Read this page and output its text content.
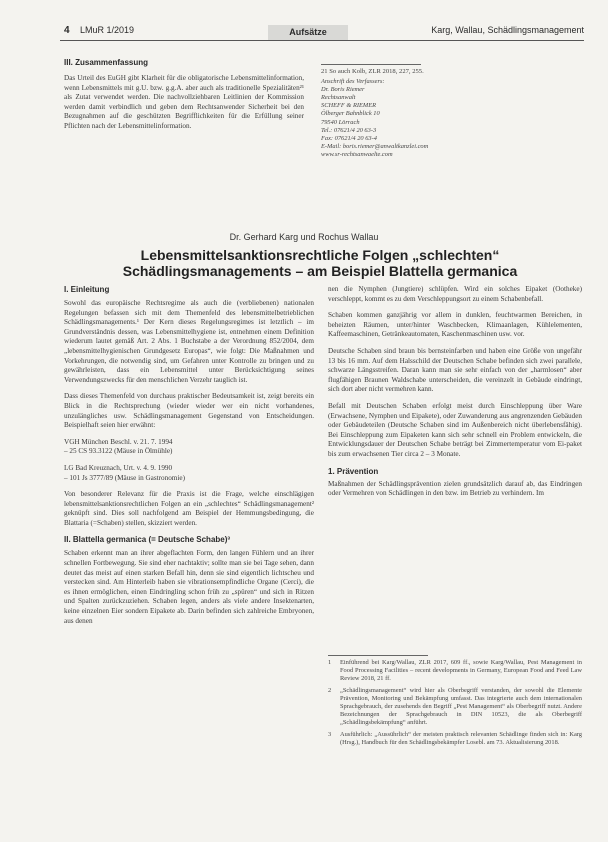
4 LMuR 1/2019	Aufsätze	Karg, Wallau, Schädlingsmanagement
III. Zusammenfassung
Das Urteil des EuGH gibt Klarheit für die obligatorische Lebensmittelinformation, wenn Lebensmittels mit g.U. bzw. g.g.A. aber auch als traditionelle Spezialitäten²¹ als Zutat verwendet werden. Die nachvollziehbaren Leitlinien der Kommission werden damit verbindlich und geben dem Rechtsanwender Sicherheit bei den Bezugnahmen auf die geschützten Begrifflichkeiten für die Erfüllung seiner Pflichten nach der Lebensmittelinformation.
21 So auch Kolb, ZLR 2018, 227, 255.
Anschrift des Verfassers:
Dr. Boris Riemer
Rechtsanwalt
SCHEFF & RIEMER
Ölberger Bahnblick 10
79540 Lörrach
Tel.: 07621/4 20 63-3
Fax: 07621/4 20 63-4
E-Mail: boris.riemer@anwaltkanzlei.com
www.sr-rechtsanwaelte.com
Dr. Gerhard Karg und Rochus Wallau
Lebensmittelsanktionsrechtliche Folgen „schlechten“
Schädlingsmanagements – am Beispiel Blattella germanica
I. Einleitung
Sowohl das europäische Rechtsregime als auch die (verbliebenen) nationalen Regelungen befassen sich mit dem Themenfeld des lebensmittelbetrieblichen Schädlingsmanagements.¹ Der Kern dieses Regelungsregimes ist letztlich – im Grundverständnis dessen, was Lebensmittelhygiene ist, entnehmen einem Definition wiederum lautet gemäß Art. 2 Abs. 1 Buchstabe a der Verordnung 852/2004, dem „lebensmittelhygienischen Grundgesetz Europas“, wie folgt: Die Maßnahmen und Vorkehrungen, die notwendig sind, um Gefahren unter Kontrolle zu bringen und zu gewährleisten, dass ein Lebensmittel unter Berücksichtigung seines Verwendungszwecks für den menschlichen Verzehr tauglich ist.
Dass dieses Themenfeld von durchaus praktischer Bedeutsamkeit ist, zeigt bereits ein Blick in die Rechtsprechung (wieder wieder wer ein nicht vorhandenes, unzulängliches usw. Schädlingsmanagement Gegenstand von Entscheidungen. Beispielhaft seien hier erwähnt:
VGH München Beschl. v. 21. 7. 1994
– 25 CS 93.3122 (Mäuse in Ölmühle)
LG Bad Kreuznach, Urt. v. 4. 9. 1990
– 101 Js 3777/89 (Mäuse in Gastronomie)
Von besonderer Relevanz für die Praxis ist die Frage, welche einschlägigen lebensmittelsanktionsrechtlichen Folgen an ein „schlechtes“ Schädlingsmanagement² geknüpft sind. Dies soll nachfolgend am Beispiel der Hemmungsbedingung, die Blattaria (=Schaben) stellen, skizziert werden.
II. Blattella germanica (= Deutsche Schabe)³
Schaben erkennt man an ihrer abgeflachten Form, den langen Fühlern und an ihrer schnellen Fortbewegung. Sie sind eher nachtaktiv; sollte man sie bei Tage sehen, dann deutet das meist auf einen starken Befall hin, denn sie sind eigentlich lichtscheu und verstecken sind. Am Hinterleib haben sie vibrationsempfindliche Organe (Cerci), die es ihnen ermöglichen, einen Eindringling schon früh zu „spüren“ und sich in Ritzen und Spalten zurückzuziehen. Schaben legen, anders als viele andere Insektenarten, keine einzelnen Eier sondern Eipakete ab. Darin befinden sich zahlreiche Embryonen, aus denen
nen die Nymphen (Jungtiere) schlüpfen. Wird ein solches Eipaket (Ootheke) verschleppt, kommt es zu dem Verschleppungsort zu einem Schabenbefall.
Schaben kommen ganzjährig vor allem in dunklen, feuchtwarmen Bereichen, in beheizten Räumen, unter/hinter Waschbecken, Klimaanlagen, Kühlelementen, Kaffeemaschinen, Getränkeautomaten, Kaschenmaschinen usw. vor.
Deutsche Schaben sind braun bis bernsteinfarben und haben eine Größe von ungefähr 13 bis 16 mm. Auf dem Halsschild der Deutschen Schabe befinden sich zwei parallele, schwarze Längsstreifen. Daran kann man sie sehr einfach von der „harmlosen“ aber flugfähigen Braunen Waldschabe unterscheiden, die vereinzelt in Gebäude eindringt, sich dort aber nicht vermehren kann.
Befall mit Deutschen Schaben erfolgt meist durch Einschleppung über Ware (Erwachsene, Nymphen und Eipakete), oder Zuwanderung aus angrenzenden Gebäuden oder Gebäudeteilen (Deutsche Schaben sind im Außenbereich nicht überlebensfähig). Bei Einschleppung zum Eipaketen kann sich sehr schnell ein Problem entwickeln, die Entwicklungsdauer der Deutschen Schabe beträgt bei Zimmertemperatur vom Ei-paket bis zum erwachsenen Tier circa 2 – 3 Monate.
1. Prävention
Maßnahmen der Schädlingsprävention zielen grundsätzlich darauf ab, das Eindringen oder Vermehren von Schädlingen in den bzw. im Betrieb zu verhindern. Im
1	Einführend bei Karg/Wallau, ZLR 2017, 609 ff., sowie Karg/Wallau, Pest Management in Food Processing Facilities – recent developments in Germany, European Food and Feed Law Review 2018, 21 ff.
2	„Schädlingsmanagement“ wird hier als Oberbegriff verstanden, der sowohl die Elemente Prävention, Monitoring und Bekämpfung umfasst. Das integrierte auch dem internationalen Sprachgebrauch, der zusehends den Begriff „Pest Management“ als Oberbegriff nutzt. Andere Bezeichnungen der Sprachgebrauch in DIN 10523, die als Oberbegriff „Schädlingsbekämpfung“ anführt.
3	Ausführlich: „Aussührlich“ der meisten praktisch relevanten Schädlinge finden sich in: Karg (Hrsg.), Handbuch für den Schädlingsbekämpfer Losebl. am 73. Aktualisierung 2018.
